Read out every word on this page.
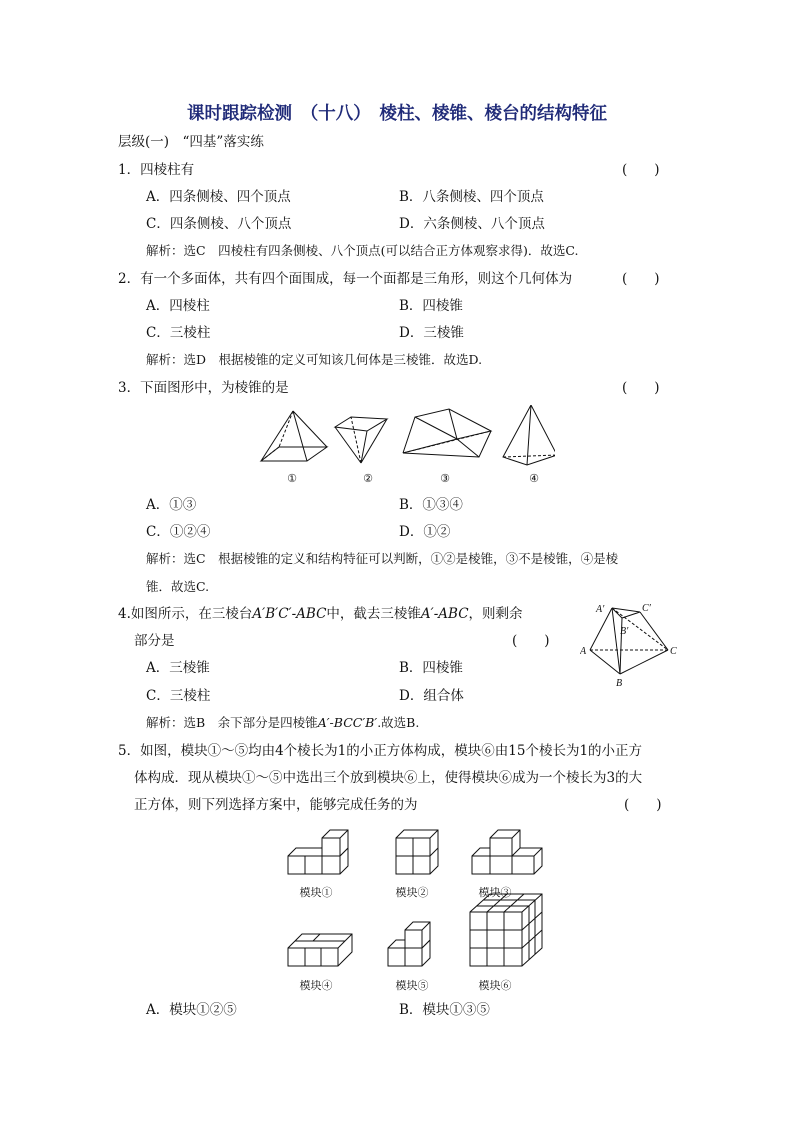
课时跟踪检测　（十八）　棱柱、棱锥、棱台的结构特征
层级(一)　“四基”落实练
1．四棱柱有	(　　)
A．四条侧棱、四个顶点	B．八条侧棱、四个顶点
C．四条侧棱、八个顶点	D．六条侧棱、八个顶点
解析：选C　四棱柱有四条侧棱、八个顶点(可以结合正方体观察求得)．故选C.
2．有一个多面体，共有四个面围成，每一个面都是三角形，则这个几何体为	(　　)
A．四棱柱	B．四棱锥
C．三棱柱	D．三棱锥
解析：选D　根据棱锥的定义可知该几何体是三棱锥．故选D.
3．下面图形中，为棱锥的是	(　　)
①	②	③	④
A．①③	B．①③④
C．①②④	D．①②
解析：选C　根据棱锥的定义和结构特征可以判断，①②是棱锥，③不是棱锥，④是棱
锥．故选C.
4.如图所示，在三棱台A′B′C′-ABC中，截去三棱锥A′-ABC，则剩余
部分是	(　　)
A．三棱锥	B．四棱锥
C．三棱柱	D．组合体
解析：选B　余下部分是四棱锥A′-BCC′B′.故选B.
A′	C′
B′
A	C
B
5．如图，模块①～⑤均由4个棱长为1的小正方体构成，模块⑥由15个棱长为1的小正方
体构成．现从模块①～⑤中选出三个放到模块⑥上，使得模块⑥成为一个棱长为3的大
正方体，则下列选择方案中，能够完成任务的为	(　　)
模块①	模块②	模块③
模块④	模块⑤	模块⑥
A．模块①②⑤	B．模块①③⑤
